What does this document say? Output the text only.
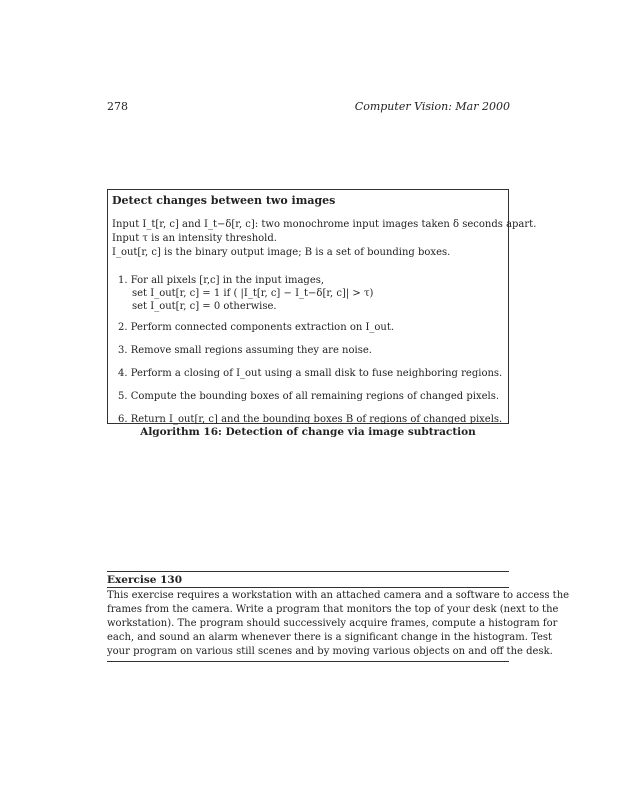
278	Computer Vision: Mar 2000
Detect changes between two images
Input I_t[r, c] and I_t−δ[r, c]: two monochrome input images taken δ seconds apart.
Input τ is an intensity threshold.
I_out[r, c] is the binary output image; B is a set of bounding boxes.
1. For all pixels [r,c] in the input images,
set I_out[r, c] = 1 if ( |I_t[r, c] − I_t−δ[r, c]| > τ)
set I_out[r, c] = 0 otherwise.
2. Perform connected components extraction on I_out.
3. Remove small regions assuming they are noise.
4. Perform a closing of I_out using a small disk to fuse neighboring regions.
5. Compute the bounding boxes of all remaining regions of changed pixels.
6. Return I_out[r, c] and the bounding boxes B of regions of changed pixels.
Algorithm 16: Detection of change via image subtraction
Exercise 130
This exercise requires a workstation with an attached camera and a software to access the
frames from the camera. Write a program that monitors the top of your desk (next to the
workstation). The program should successively acquire frames, compute a histogram for
each, and sound an alarm whenever there is a significant change in the histogram. Test
your program on various still scenes and by moving various objects on and off the desk.
